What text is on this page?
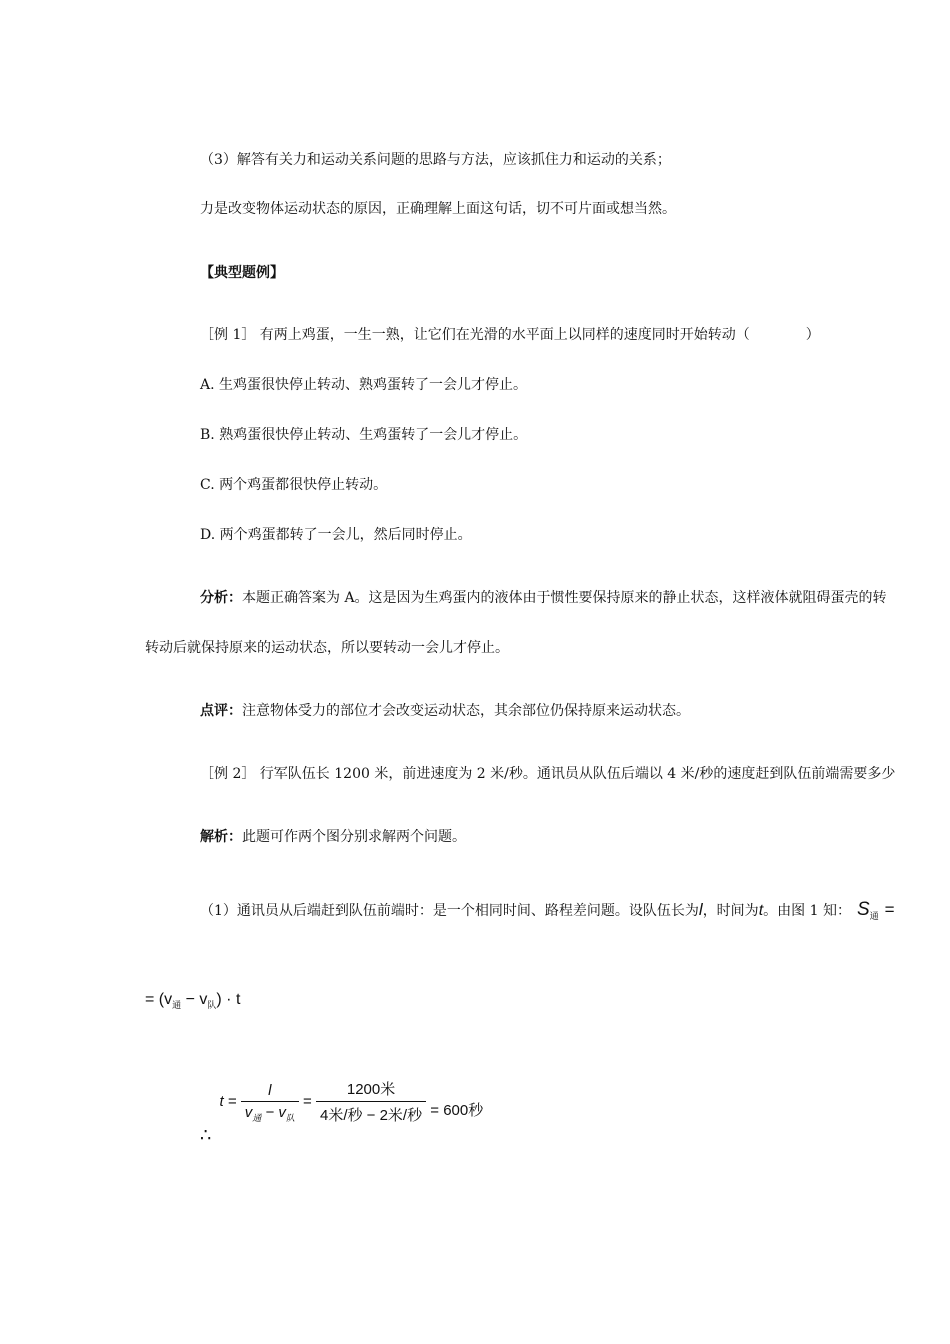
（3）解答有关力和运动关系问题的思路与方法，应该抓住力和运动的关系；
力是改变物体运动状态的原因，正确理解上面这句话，切不可片面或想当然。
【典型题例】
［例 1］ 有两上鸡蛋，一生一熟，让它们在光滑的水平面上以同样的速度同时开始转动（　　　　）
A. 生鸡蛋很快停止转动、熟鸡蛋转了一会儿才停止。
B. 熟鸡蛋很快停止转动、生鸡蛋转了一会儿才停止。
C. 两个鸡蛋都很快停止转动。
D. 两个鸡蛋都转了一会儿，然后同时停止。
分析：本题正确答案为 A。这是因为生鸡蛋内的液体由于惯性要保持原来的静止状态，这样液体就阻碍蛋壳的转
转动后就保持原来的运动状态，所以要转动一会儿才停止。
点评：注意物体受力的部位才会改变运动状态，其余部位仍保持原来运动状态。
［例 2］ 行军队伍长 1200 米，前进速度为 2 米/秒。通讯员从队伍后端以 4 米/秒的速度赶到队伍前端需要多少
解析：此题可作两个图分别求解两个问题。
（1）通讯员从后端赶到队伍前端时：是一个相同时间、路程差问题。设队伍长为l，时间为t。由图 1 知： $S_通$ =
= $(v_通 - v_队) \cdot t$
∴t = $\frac{l}{v_通 - v_队} = \frac{\text{1200米}}{\text{4米/秒 − 2米/秒}} = 600$秒
